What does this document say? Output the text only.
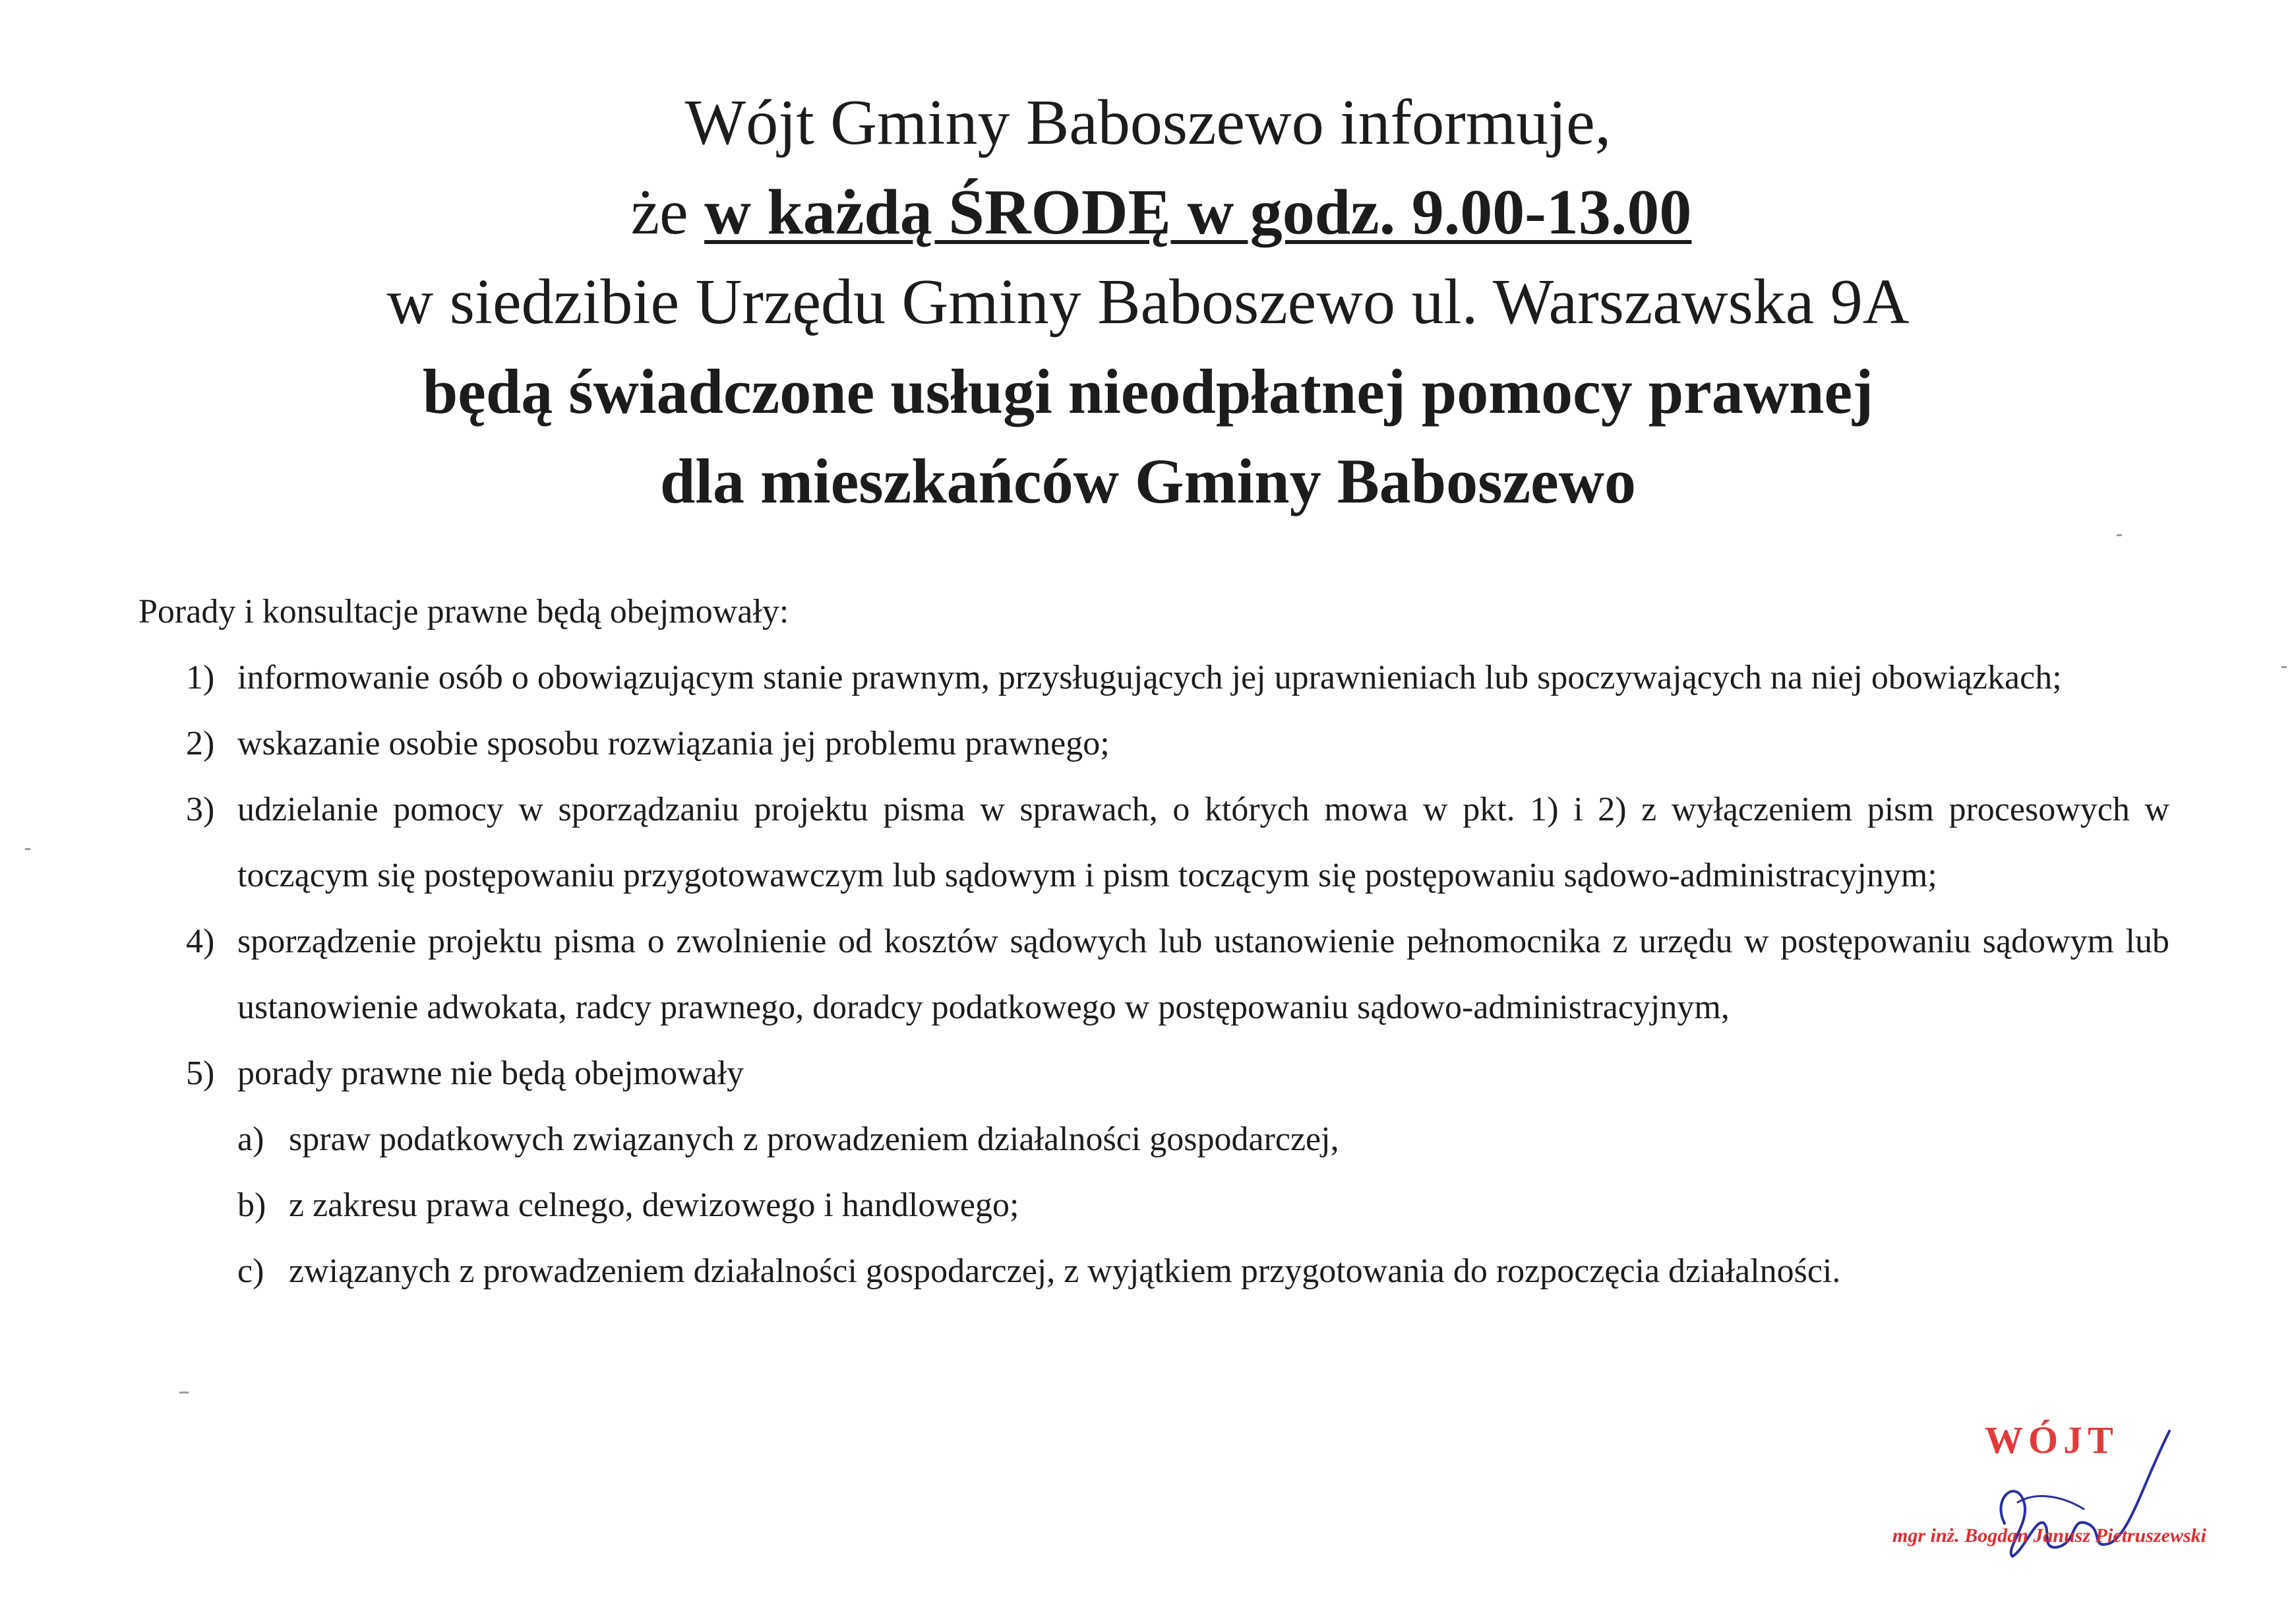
Wójt Gminy Baboszewo informuje,
że w każdą ŚRODĘ w godz. 9.00-13.00
w siedzibie Urzędu Gminy Baboszewo ul. Warszawska 9A
będą świadczone usługi nieodpłatnej pomocy prawnej
dla mieszkańców Gminy Baboszewo
Porady i konsultacje prawne będą obejmowały:
1) informowanie osób o obowiązującym stanie prawnym, przysługujących jej uprawnieniach lub spoczywających na niej obowiązkach;
2) wskazanie osobie sposobu rozwiązania jej problemu prawnego;
3) udzielanie pomocy w sporządzaniu projektu pisma w sprawach, o których mowa w pkt. 1) i 2) z wyłączeniem pism procesowych w toczącym się postępowaniu przygotowawczym lub sądowym i pism toczącym się postępowaniu sądowo-administracyjnym;
4) sporządzenie projektu pisma o zwolnienie od kosztów sądowych lub ustanowienie pełnomocnika z urzędu w postępowaniu sądowym lub ustanowienie adwokata, radcy prawnego, doradcy podatkowego w postępowaniu sądowo-administracyjnym,
5) porady prawne nie będą obejmowały
a) spraw podatkowych związanych z prowadzeniem działalności gospodarczej,
b) z zakresu prawa celnego, dewizowego i handlowego;
c) związanych z prowadzeniem działalności gospodarczej, z wyjątkiem przygotowania do rozpoczęcia działalności.
WÓJT
mgr inż. Bogdan Janusz Pietruszewski
